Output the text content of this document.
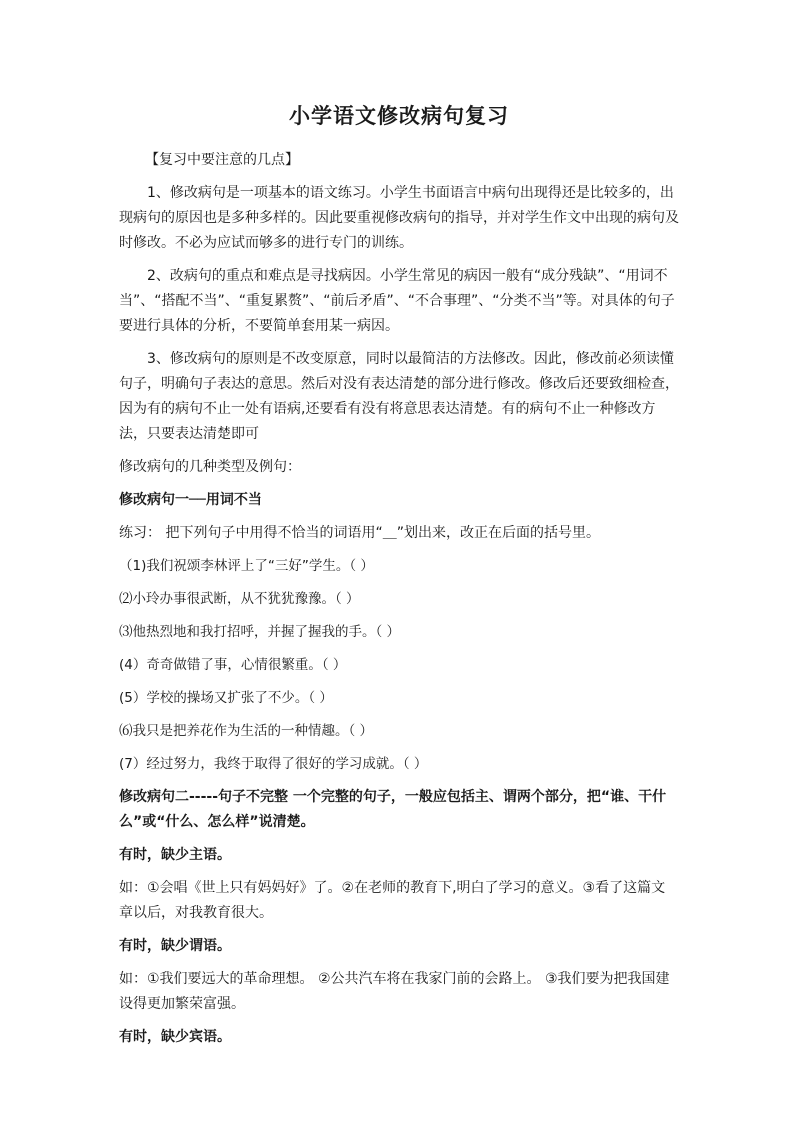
小学语文修改病句复习
【复习中要注意的几点】
1、修改病句是一项基本的语文练习。小学生书面语言中病句出现得还是比较多的，出现病句的原因也是多种多样的。因此要重视修改病句的指导，并对学生作文中出现的病句及时修改。不必为应试而够多的进行专门的训练。
2、改病句的重点和难点是寻找病因。小学生常见的病因一般有“成分残缺”、“用词不当”、“搭配不当”、“重复累赘”、“前后矛盾”、“不合事理”、“分类不当”等。对具体的句子要进行具体的分析，不要简单套用某一病因。
3、修改病句的原则是不改变原意，同时以最简洁的方法修改。因此，修改前必须读懂句子，明确句子表达的意思。然后对没有表达清楚的部分进行修改。修改后还要致细检查，因为有的病句不止一处有语病,还要看有没有将意思表达清楚。有的病句不止一种修改方法，只要表达清楚即可
修改病句的几种类型及例句：
修改病句一──用词不当
练习： 把下列句子中用得不恰当的词语用“＿”划出来，改正在后面的括号里。
（1)我们祝颂李林评上了“三好”学生。（ ）
⑵小玲办事很武断，从不犹犹豫豫。（ ）
⑶他热烈地和我打招呼，并握了握我的手。（ ）
(4）奇奇做错了事，心情很繁重。（ ）
(5）学校的操场又扩张了不少。（ ）
⑹我只是把养花作为生活的一种情趣。（ ）
(7）经过努力，我终于取得了很好的学习成就。（ ）
修改病句二-----句子不完整 一个完整的句子，一般应包括主、谓两个部分，把“谁、干什么”或“什么、怎么样”说清楚。
有时，缺少主语。
如：①会唱《世上只有妈妈好》了。②在老师的教育下,明白了学习的意义。③看了这篇文章以后，对我教育很大。
有时，缺少谓语。
如：①我们要远大的革命理想。 ②公共汽车将在我家门前的会路上。 ③我们要为把我国建设得更加繁荣富强。
有时，缺少宾语。
